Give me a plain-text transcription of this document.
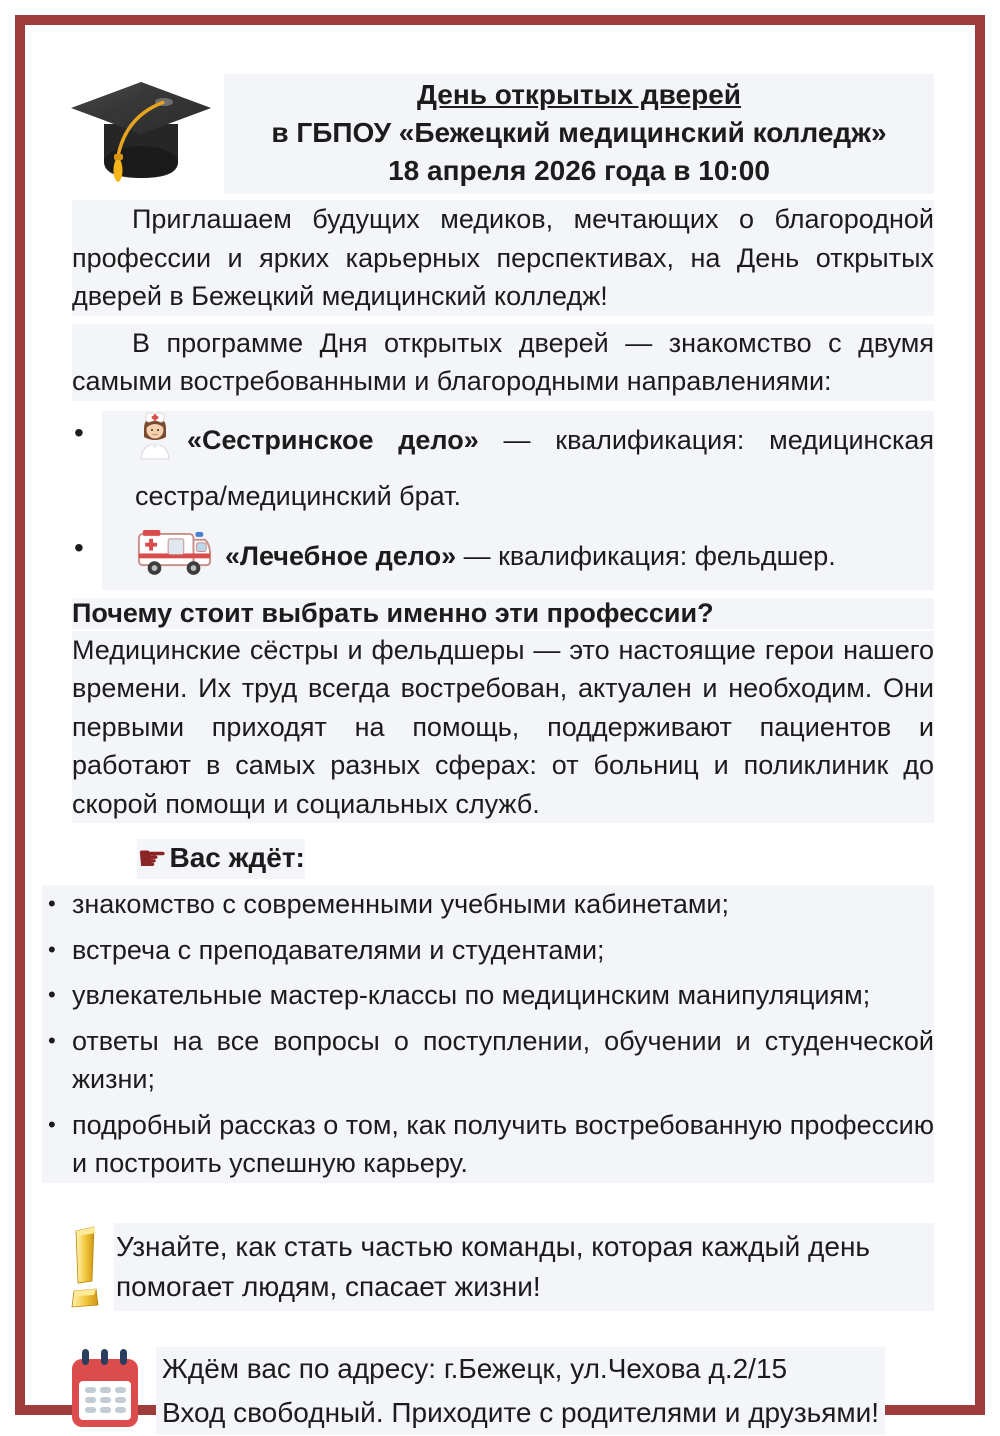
День открытых дверей
в ГБПОУ «Бежецкий медицинский колледж»
18 апреля 2026 года в 10:00

Приглашаем будущих медиков, мечтающих о благородной профессии и ярких карьерных перспективах, на День открытых дверей в Бежецкий медицинский колледж!

В программе Дня открытых дверей — знакомство с двумя самыми востребованными и благородными направлениями:

•	«Сестринское дело» — квалификация: медицинская сестра/медицинский брат.
•	«Лечебное дело» — квалификация: фельдшер.
Почему стоит выбрать именно эти профессии?

Медицинские сёстры и фельдшеры — это настоящие герои нашего времени. Их труд всегда востребован, актуален и необходим. Они первыми приходят на помощь, поддерживают пациентов и работают в самых разных сферах: от больниц и поликлиник до скорой помощи и социальных служб.

☛Вас ждёт:
• знакомство с современными учебными кабинетами;
• встреча с преподавателями и студентами;
• увлекательные мастер-классы по медицинским манипуляциям;
• ответы на все вопросы о поступлении, обучении и студенческой жизни;
• подробный рассказ о том, как получить востребованную профессию и построить успешную карьеру.
Узнайте, как стать частью команды, которая каждый день помогает людям, спасает жизни!
Ждём вас по адресу: г.Бежецк, ул.Чехова д.2/15
Вход свободный. Приходите с родителями и друзьями!
